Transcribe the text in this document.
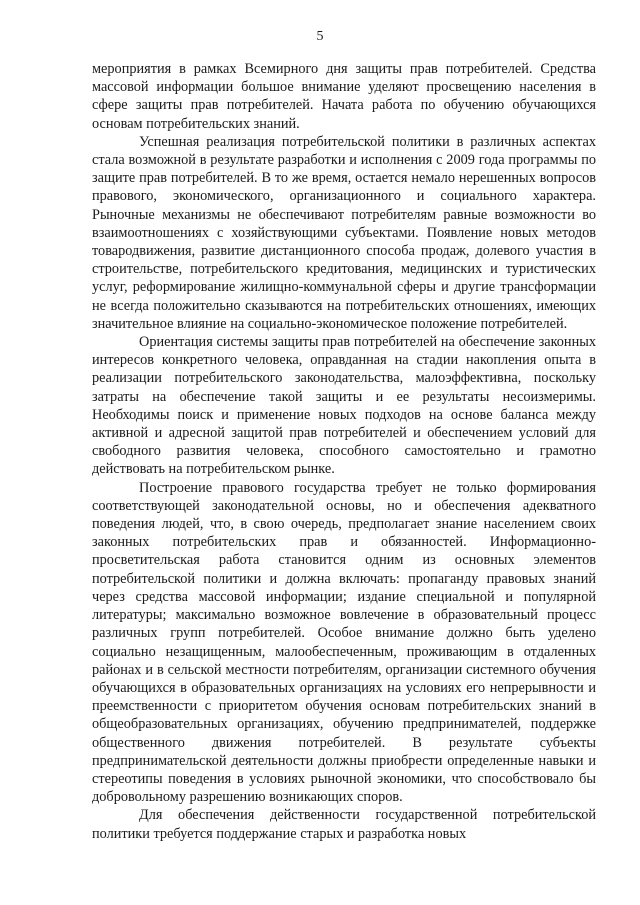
5

мероприятия в рамках Всемирного дня защиты прав потребителей. Средства массовой информации большое внимание уделяют просвещению населения в сфере защиты прав потребителей. Начата работа по обучению обучающихся основам потребительских знаний.

Успешная реализация потребительской политики в различных аспектах стала возможной в результате разработки и исполнения с 2009 года программы по защите прав потребителей. В то же время, остается немало нерешенных вопросов правового, экономического, организационного и социального характера. Рыночные механизмы не обеспечивают потребителям равные возможности во взаимоотношениях с хозяйствующими субъектами. Появление новых методов товародвижения, развитие дистанционного способа продаж, долевого участия в строительстве, потребительского кредитования, медицинских и туристических услуг, реформирование жилищно-коммунальной сферы и другие трансформации не всегда положительно сказываются на потребительских отношениях, имеющих значительное влияние на социально-экономическое положение потребителей.

Ориентация системы защиты прав потребителей на обеспечение законных интересов конкретного человека, оправданная на стадии накопления опыта в реализации потребительского законодательства, малоэффективна, поскольку затраты на обеспечение такой защиты и ее результаты несоизмеримы. Необходимы поиск и применение новых подходов на основе баланса между активной и адресной защитой прав потребителей и обеспечением условий для свободного развития человека, способного самостоятельно и грамотно действовать на потребительском рынке.

Построение правового государства требует не только формирования соответствующей законодательной основы, но и обеспечения адекватного поведения людей, что, в свою очередь, предполагает знание населением своих законных потребительских прав и обязанностей. Информационно-просветительская работа становится одним из основных элементов потребительской политики и должна включать: пропаганду правовых знаний через средства массовой информации; издание специальной и популярной литературы; максимально возможное вовлечение в образовательный процесс различных групп потребителей. Особое внимание должно быть уделено социально незащищенным, малообеспеченным, проживающим в отдаленных районах и в сельской местности потребителям, организации системного обучения обучающихся в образовательных организациях на условиях его непрерывности и преемственности с приоритетом обучения основам потребительских знаний в общеобразовательных организациях, обучению предпринимателей, поддержке общественного движения потребителей. В результате субъекты предпринимательской деятельности должны приобрести определенные навыки и стереотипы поведения в условиях рыночной экономики, что способствовало бы добровольному разрешению возникающих споров.

Для обеспечения действенности государственной потребительской политики требуется поддержание старых и разработка новых
